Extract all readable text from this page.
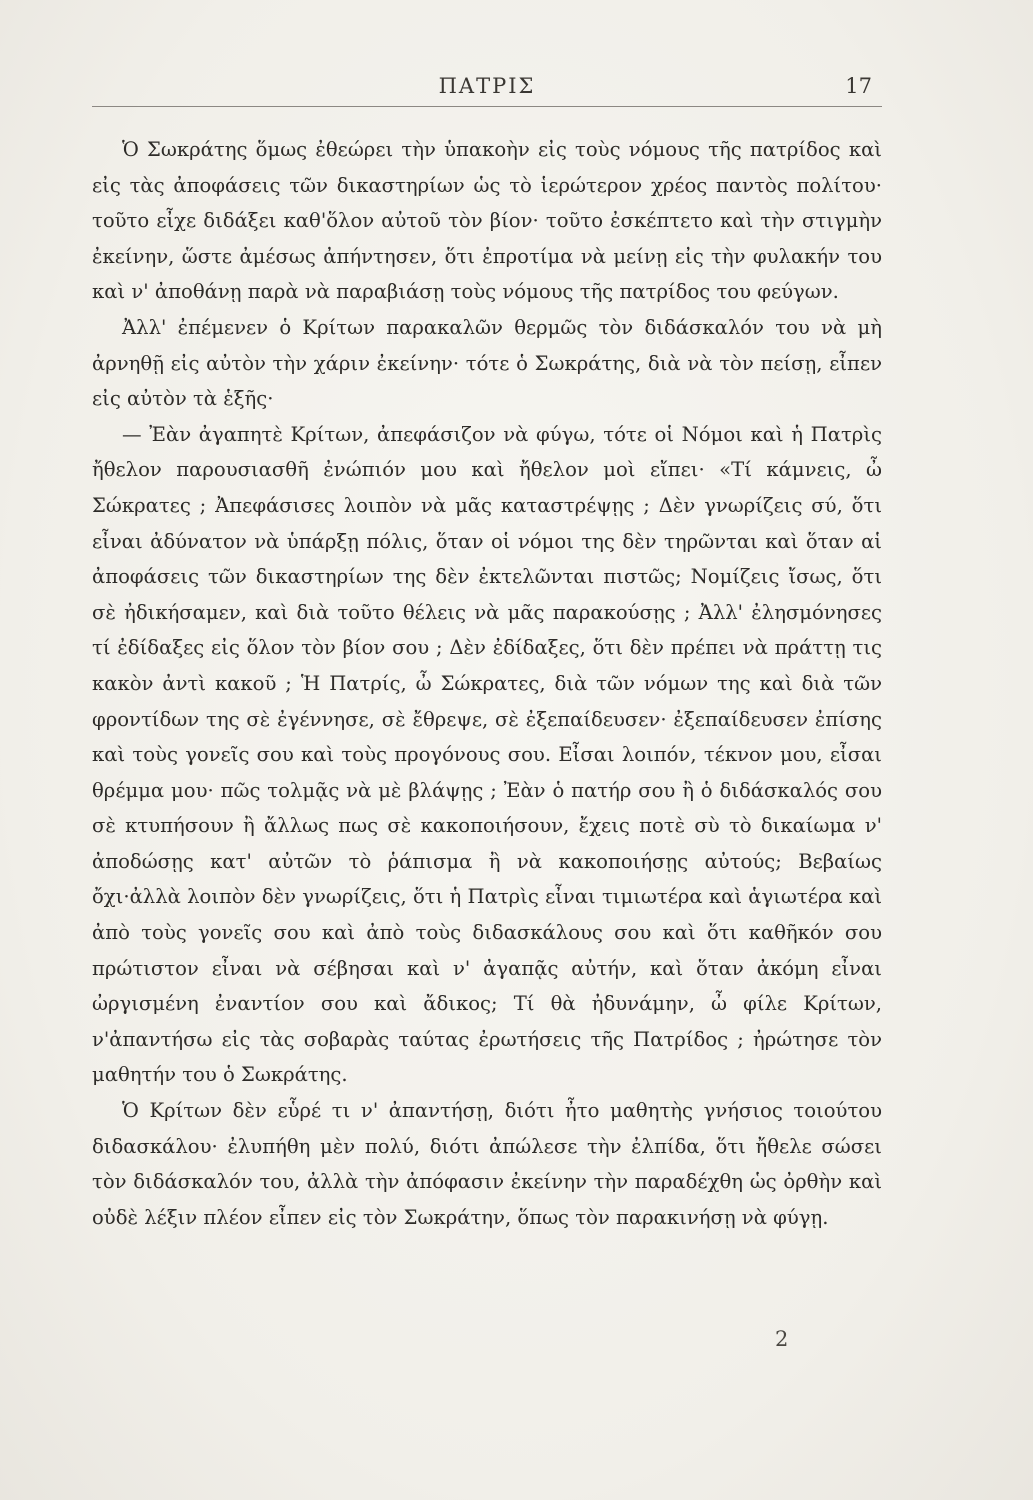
ΠΑΤΡΙΣ	17

Ὁ Σωκράτης ὅμως ἐθεώρει τὴν ὑπακοὴν εἰς τοὺς νόμους τῆς πατρίδος καὶ εἰς τὰς ἀποφάσεις τῶν δικαστηρίων ὡς τὸ ἱερώτερον χρέος παντὸς πολίτου· τοῦτο εἶχε διδάξει καθ'ὅλον αὐτοῦ τὸν βίον· τοῦτο ἐσκέπτετο καὶ τὴν στιγμὴν ἐκείνην, ὥστε ἀμέσως ἀπήντησεν, ὅτι ἐπροτίμα νὰ μείνῃ εἰς τὴν φυλακήν του καὶ ν' ἀποθάνῃ παρὰ νὰ παραβιάσῃ τοὺς νόμους τῆς πατρίδος του φεύγων.

Ἀλλ' ἐπέμενεν ὁ Κρίτων παρακαλῶν θερμῶς τὸν διδάσκαλόν του νὰ μὴ ἀρνηθῇ εἰς αὐτὸν τὴν χάριν ἐκείνην· τότε ὁ Σωκράτης, διὰ νὰ τὸν πείσῃ, εἶπεν εἰς αὐτὸν τὰ ἑξῆς·

— Ἐὰν ἀγαπητὲ Κρίτων, ἀπεφάσιζον νὰ φύγω, τότε οἱ Νόμοι καὶ ἡ Πατρὶς ἤθελον παρουσιασθῆ ἐνώπιόν μου καὶ ἤθελον μοὶ εἴπει· «Τί κάμνεις, ὦ Σώκρατες ; Ἀπεφάσισες λοιπὸν νὰ μᾶς καταστρέψῃς ; Δὲν γνωρίζεις σύ, ὅτι εἶναι ἀδύνατον νὰ ὑπάρξῃ πόλις, ὅταν οἱ νόμοι της δὲν τηρῶνται καὶ ὅταν αἱ ἀποφάσεις τῶν δικαστηρίων της δὲν ἐκτελῶνται πιστῶς; Νομίζεις ἴσως, ὅτι σὲ ἠδικήσαμεν, καὶ διὰ τοῦτο θέλεις νὰ μᾶς παρακούσῃς ; Ἀλλ' ἐλησμόνησες τί ἐδίδαξες εἰς ὅλον τὸν βίον σου ; Δὲν ἐδίδαξες, ὅτι δὲν πρέπει νὰ πράττῃ τις κακὸν ἀντὶ κακοῦ ; Ἡ Πατρίς, ὦ Σώκρατες, διὰ τῶν νόμων της καὶ διὰ τῶν φροντίδων της σὲ ἐγέννησε, σὲ ἔθρεψε, σὲ ἐξεπαίδευσεν· ἐξεπαίδευσεν ἐπίσης καὶ τοὺς γονεῖς σου καὶ τοὺς προγόνους σου. Εἶσαι λοιπόν, τέκνον μου, εἶσαι θρέμμα μου· πῶς τολμᾷς νὰ μὲ βλάψῃς ; Ἐὰν ὁ πατήρ σου ἢ ὁ διδάσκαλός σου σὲ κτυπήσουν ἢ ἄλλως πως σὲ κακοποιήσουν, ἔχεις ποτὲ σὺ τὸ δικαίωμα ν' ἀποδώσῃς κατ' αὐτῶν τὸ ῥάπισμα ἢ νὰ κακοποιήσῃς αὐτούς; Βεβαίως ὄχι·ἀλλὰ λοιπὸν δὲν γνωρίζεις, ὅτι ἡ Πατρὶς εἶναι τιμιωτέρα καὶ ἁγιωτέρα καὶ ἀπὸ τοὺς γονεῖς σου καὶ ἀπὸ τοὺς διδασκάλους σου καὶ ὅτι καθῆκόν σου πρώτιστον εἶναι νὰ σέβησαι καὶ ν' ἀγαπᾷς αὐτήν, καὶ ὅταν ἀκόμη εἶναι ὠργισμένη ἐναντίον σου καὶ ἄδικος; Τί θὰ ἠδυνάμην, ὦ φίλε Κρίτων, ν'ἀπαντήσω εἰς τὰς σοβαρὰς ταύτας ἐρωτήσεις τῆς Πατρίδος ; ἠρώτησε τὸν μαθητήν του ὁ Σωκράτης.

Ὁ Κρίτων δὲν εὗρέ τι ν' ἀπαντήσῃ, διότι ἦτο μαθητὴς γνήσιος τοιούτου διδασκάλου· ἐλυπήθη μὲν πολύ, διότι ἀπώλεσε τὴν ἐλπίδα, ὅτι ἤθελε σώσει τὸν διδάσκαλόν του, ἀλλὰ τὴν ἀπόφασιν ἐκείνην τὴν παραδέχθη ὡς ὀρθὴν καὶ οὐδὲ λέξιν πλέον εἶπεν εἰς τὸν Σωκράτην, ὅπως τὸν παρακινήσῃ νὰ φύγῃ.

2
